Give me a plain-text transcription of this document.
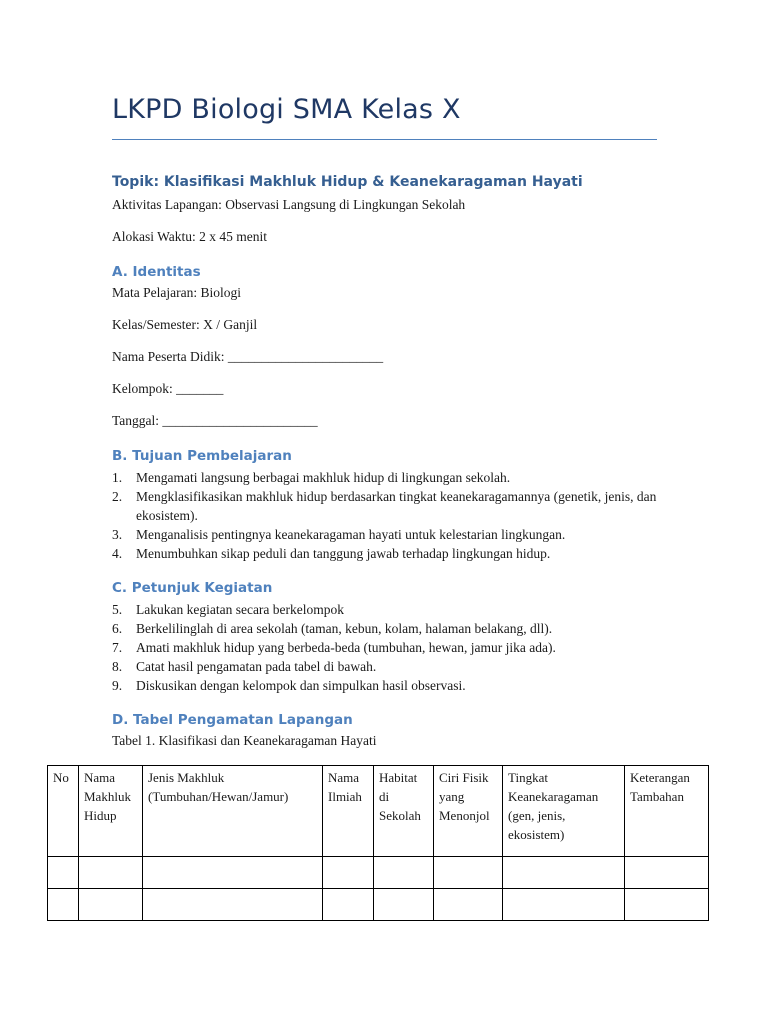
LKPD Biologi SMA Kelas X
Topik: Klasifikasi Makhluk Hidup & Keanekaragaman Hayati
Aktivitas Lapangan: Observasi Langsung di Lingkungan Sekolah
Alokasi Waktu: 2 x 45 menit
A. Identitas
Mata Pelajaran: Biologi
Kelas/Semester: X / Ganjil
Nama Peserta Didik: _______________________
Kelompok: _______
Tanggal: _______________________
B. Tujuan Pembelajaran
1.	Mengamati langsung berbagai makhluk hidup di lingkungan sekolah.
2.	Mengklasifikasikan makhluk hidup berdasarkan tingkat keanekaragamannya (genetik, jenis, dan ekosistem).
3.	Menganalisis pentingnya keanekaragaman hayati untuk kelestarian lingkungan.
4.	Menumbuhkan sikap peduli dan tanggung jawab terhadap lingkungan hidup.
C. Petunjuk Kegiatan
5.	Lakukan kegiatan secara berkelompok
6.	Berkelilinglah di area sekolah (taman, kebun, kolam, halaman belakang, dll).
7.	Amati makhluk hidup yang berbeda-beda (tumbuhan, hewan, jamur jika ada).
8.	Catat hasil pengamatan pada tabel di bawah.
9.	Diskusikan dengan kelompok dan simpulkan hasil observasi.
D. Tabel Pengamatan Lapangan
Tabel 1. Klasifikasi dan Keanekaragaman Hayati
No	Nama Makhluk Hidup	Jenis Makhluk (Tumbuhan/Hewan/Jamur)	Nama Ilmiah	Habitat di Sekolah	Ciri Fisik yang Menonjol	Tingkat Keanekaragaman (gen, jenis, ekosistem)	Keterangan Tambahan
